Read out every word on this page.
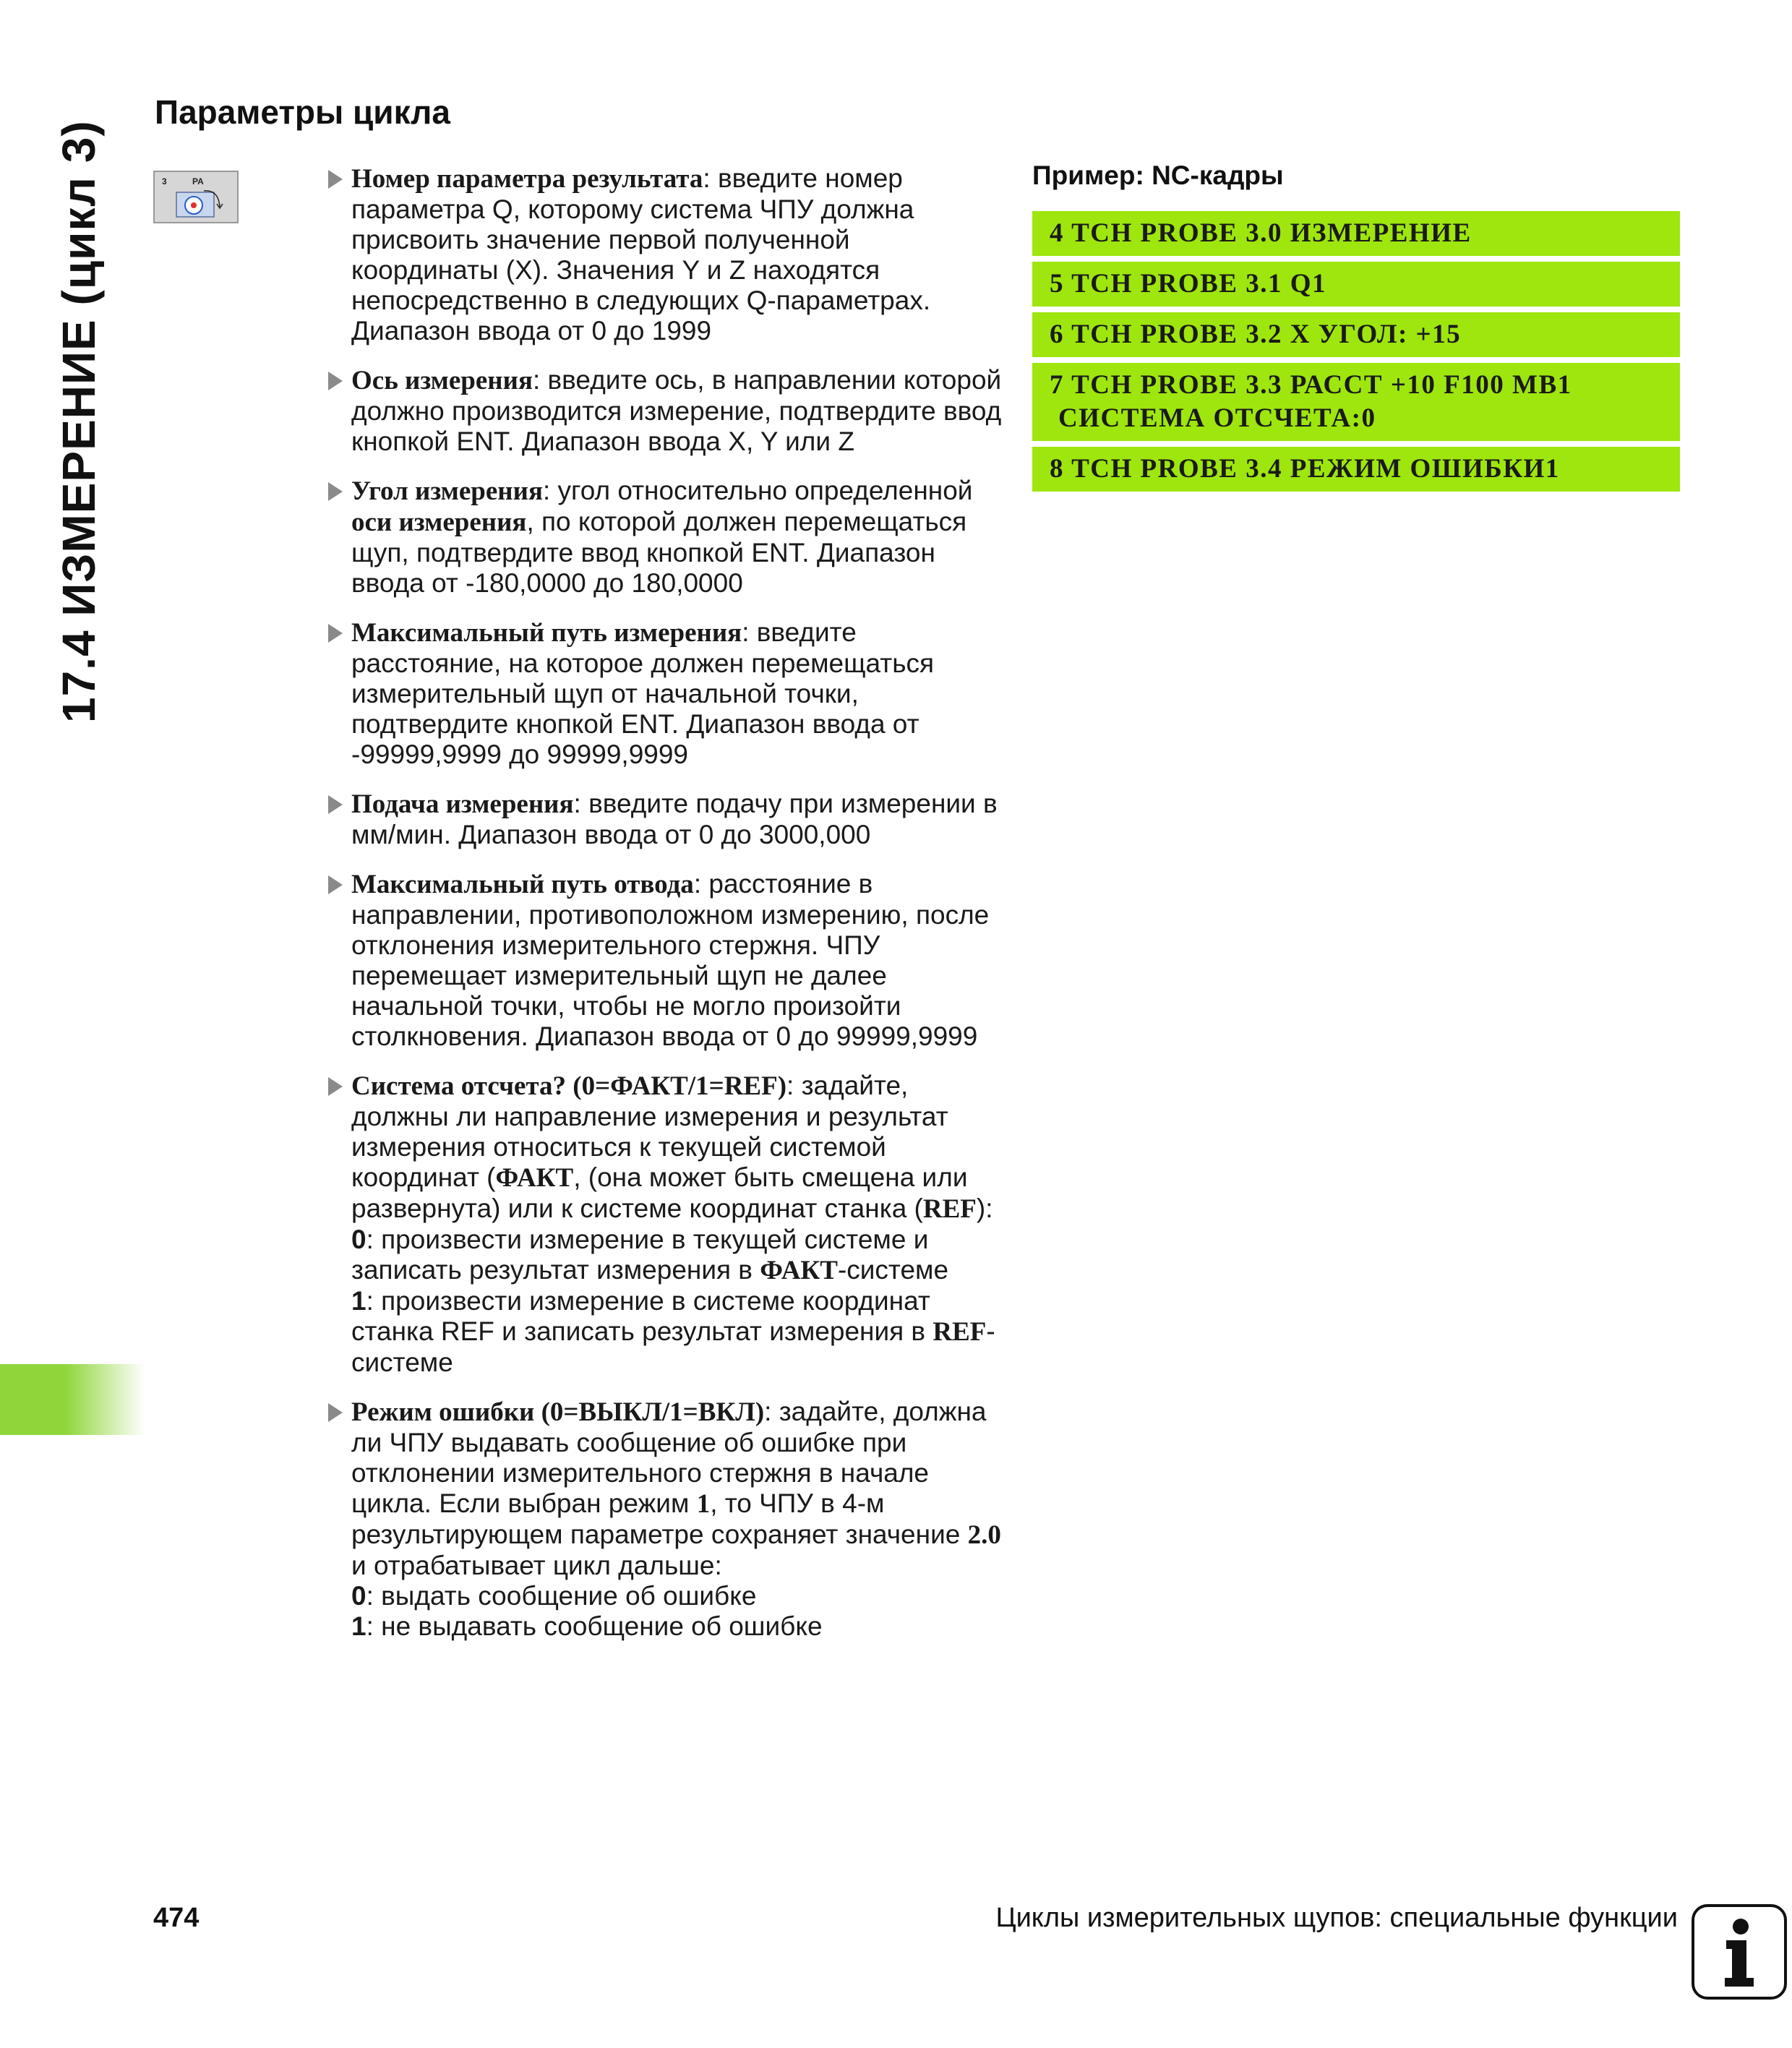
17.4 ИЗМЕРЕНИЕ (цикл 3)
Параметры цикла
3	PA	Номер параметра результата: введите номер параметра Q, которому система ЧПУ должна присвоить значение первой полученной координаты (X). Значения Y и Z находятся непосредственно в следующих Q-параметрах. Диапазон ввода от 0 до 1999
Ось измерения: введите ось, в направлении которой должно производится измерение, подтвердите ввод кнопкой ENT. Диапазон ввода X, Y или Z
Угол измерения: угол относительно определенной оси измерения, по которой должен перемещаться щуп, подтвердите ввод кнопкой ENT. Диапазон ввода от -180,0000 до 180,0000
Максимальный путь измерения: введите расстояние, на которое должен перемещаться измерительный щуп от начальной точки, подтвердите кнопкой ENT. Диапазон ввода от -99999,9999 до 99999,9999
Подача измерения: введите подачу при измерении в мм/мин. Диапазон ввода от 0 до 3000,000
Максимальный путь отвода: расстояние в направлении, противоположном измерению, после отклонения измерительного стержня. ЧПУ перемещает измерительный щуп не далее начальной точки, чтобы не могло произойти столкновения. Диапазон ввода от 0 до 99999,9999
Система отсчета? (0=ФАКТ/1=REF): задайте, должны ли направление измерения и результат измерения относиться к текущей системой координат (ФАКТ, (она может быть смещена или развернута) или к системе координат станка (REF):
0: произвести измерение в текущей системе и записать результат измерения в ФАКТ-системе
1: произвести измерение в системе координат станка REF и записать результат измерения в REF-системе
Режим ошибки (0=ВЫКЛ/1=ВКЛ): задайте, должна ли ЧПУ выдавать сообщение об ошибке при отклонении измерительного стержня в начале цикла. Если выбран режим 1, то ЧПУ в 4-м результирующем параметре сохраняет значение 2.0 и отрабатывает цикл дальше:
0: выдать сообщение об ошибке
1: не выдавать сообщение об ошибке
Пример: NC-кадры
4 TCH PROBE 3.0 ИЗМЕРЕНИЕ
5 TCH PROBE 3.1 Q1
6 TCH PROBE 3.2 X УГОЛ: +15
7 TCH PROBE 3.3 РАССТ +10 F100 MB1
СИСТЕМА ОТСЧЕТА:0
8 TCH PROBE 3.4 РЕЖИМ ОШИБКИ1
474	Циклы измерительных щупов: специальные функции
